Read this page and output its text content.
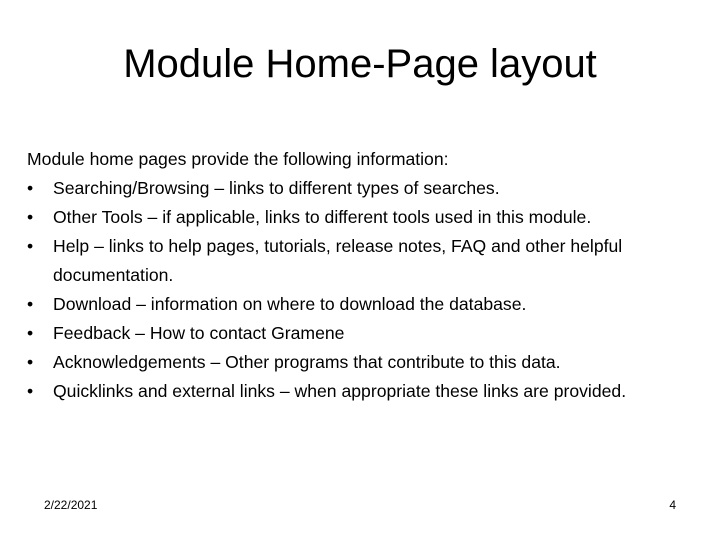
Module Home-Page layout
Module home pages provide the following information:
•	Searching/Browsing – links to different types of searches.
•	Other Tools – if applicable, links to different tools used in this module.
•	Help – links to help pages, tutorials, release notes, FAQ and other helpful documentation.
•	Download – information on where to download the database.
•	Feedback – How to contact Gramene
•	Acknowledgements – Other programs that contribute to this data.
•	Quicklinks and external links – when appropriate these links are provided.
2/22/2021	4
